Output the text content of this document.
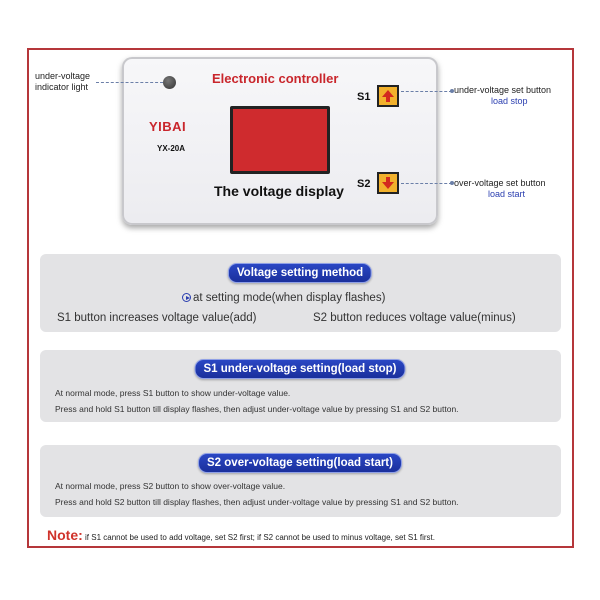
Electronic controller
YIBAI
YX-20A
The voltage display
S1
S2
under-voltage
indicator light	under-voltage set button
load stop
over-voltage set button
load start
Voltage setting method
at setting mode(when display flashes)
S1 button increases voltage value(add)	S2 button reduces voltage value(minus)
S1 under-voltage setting(load stop)
At normal mode, press S1 button to show under-voltage value.
Press and hold S1 button till display flashes, then adjust under-voltage value by pressing S1 and S2 button.
S2 over-voltage setting(load start)
At normal mode, press S2 button to show over-voltage value.
Press and hold S2 button till display flashes, then adjust under-voltage value by pressing S1 and S2 button.
Note: if S1 cannot be used to add voltage, set S2 first; if S2 cannot be used to minus voltage, set S1 first.
